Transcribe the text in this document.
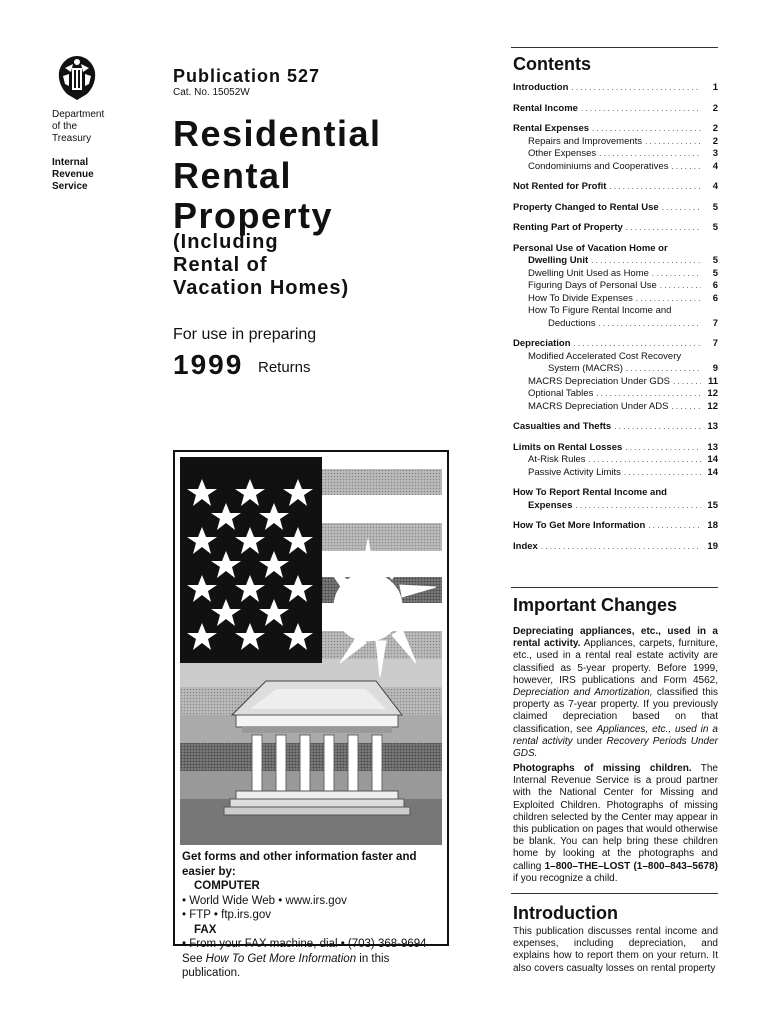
Department
of the
Treasury
Internal
Revenue
Service
Publication 527
Cat. No. 15052W
Residential
Rental
Property
(Including
Rental of
Vacation Homes)
For use in preparing
1999 Returns
Get forms and other information faster and easier by:
COMPUTER
• World Wide Web • www.irs.gov
• FTP • ftp.irs.gov
FAX
• From your FAX machine, dial • (703) 368-9694
See How To Get More Information in this publication.
Contents
Introduction . . .	1
Rental Income . . .	2
Rental Expenses . . .	2
Repairs and Improvements . . .	2
Other Expenses . . .	3
Condominiums and Cooperatives . . .	4
Not Rented for Profit . . .	4
Property Changed to Rental Use . . .	5
Renting Part of Property . . .	5
Personal Use of Vacation Home or
Dwelling Unit . . .	5
Dwelling Unit Used as Home . . .	5
Figuring Days of Personal Use . . .	6
How To Divide Expenses . . .	6
How To Figure Rental Income and
Deductions . . .	7
Depreciation . . .	7
Modified Accelerated Cost Recovery
System (MACRS) . . .	9
MACRS Depreciation Under GDS . . .	11
Optional Tables . . .	12
MACRS Depreciation Under ADS . . .	12
Casualties and Thefts . . .	13
Limits on Rental Losses . . .	13
At-Risk Rules . . .	14
Passive Activity Limits . . .	14
How To Report Rental Income and
Expenses . . .	15
How To Get More Information . . .	18
Index . . .	19
Important Changes
Depreciating appliances, etc., used in a rental activity. Appliances, carpets, furniture, etc., used in a rental real estate activity are classified as 5-year property. Before 1999, however, IRS publications and Form 4562, Depreciation and Amortization, classified this property as 7-year property. If you previously claimed depreciation based on that classification, see Appliances, etc., used in a rental activity under Recovery Periods Under GDS.
Photographs of missing children. The Internal Revenue Service is a proud partner with the National Center for Missing and Exploited Children. Photographs of missing children selected by the Center may appear in this publication on pages that would otherwise be blank. You can help bring these children home by looking at the photographs and calling 1–800–THE–LOST (1–800–843–5678) if you recognize a child.
Introduction
This publication discusses rental income and expenses, including depreciation, and explains how to report them on your return. It also covers casualty losses on rental property
